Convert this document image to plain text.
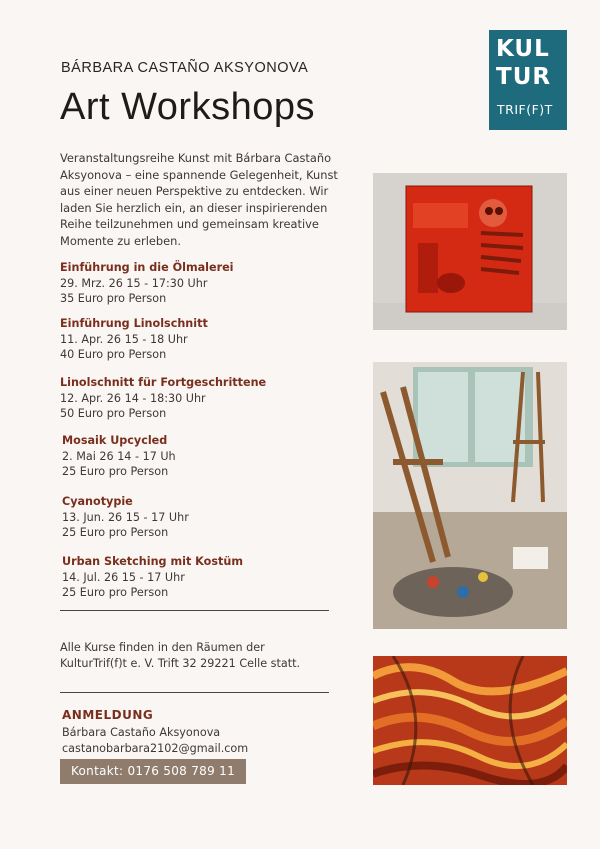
BÁRBARA CASTAÑO AKSYONOVA
Art Workshops
KUL
TUR
TRIF(F)T
Veranstaltungsreihe Kunst mit Bárbara Castaño Aksyonova – eine spannende Gelegenheit, Kunst aus einer neuen Perspektive zu entdecken. Wir laden Sie herzlich ein, an dieser inspirierenden Reihe teilzunehmen und gemeinsam kreative Momente zu erleben.
Einführung in die Ölmalerei
29. Mrz. 26 15 - 17:30 Uhr
35 Euro pro Person
Einführung Linolschnitt
11. Apr. 26 15 - 18 Uhr
40 Euro pro Person
Linolschnitt für Fortgeschrittene
12. Apr. 26 14 - 18:30 Uhr
50 Euro pro Person
Mosaik Upcycled
2. Mai 26 14 - 17 Uh
25 Euro pro Person
Cyanotypie
13. Jun. 26 15 - 17 Uhr
25 Euro pro Person
Urban Sketching mit Kostüm
14. Jul. 26 15 - 17 Uhr
25 Euro pro Person
Alle Kurse finden in den Räumen der KulturTrif(f)t e. V. Trift 32 29221 Celle statt.
ANMELDUNG
Bárbara Castaño Aksyonova
castanobarbara2102@gmail.com
Kontakt: 0176 508 789 11
